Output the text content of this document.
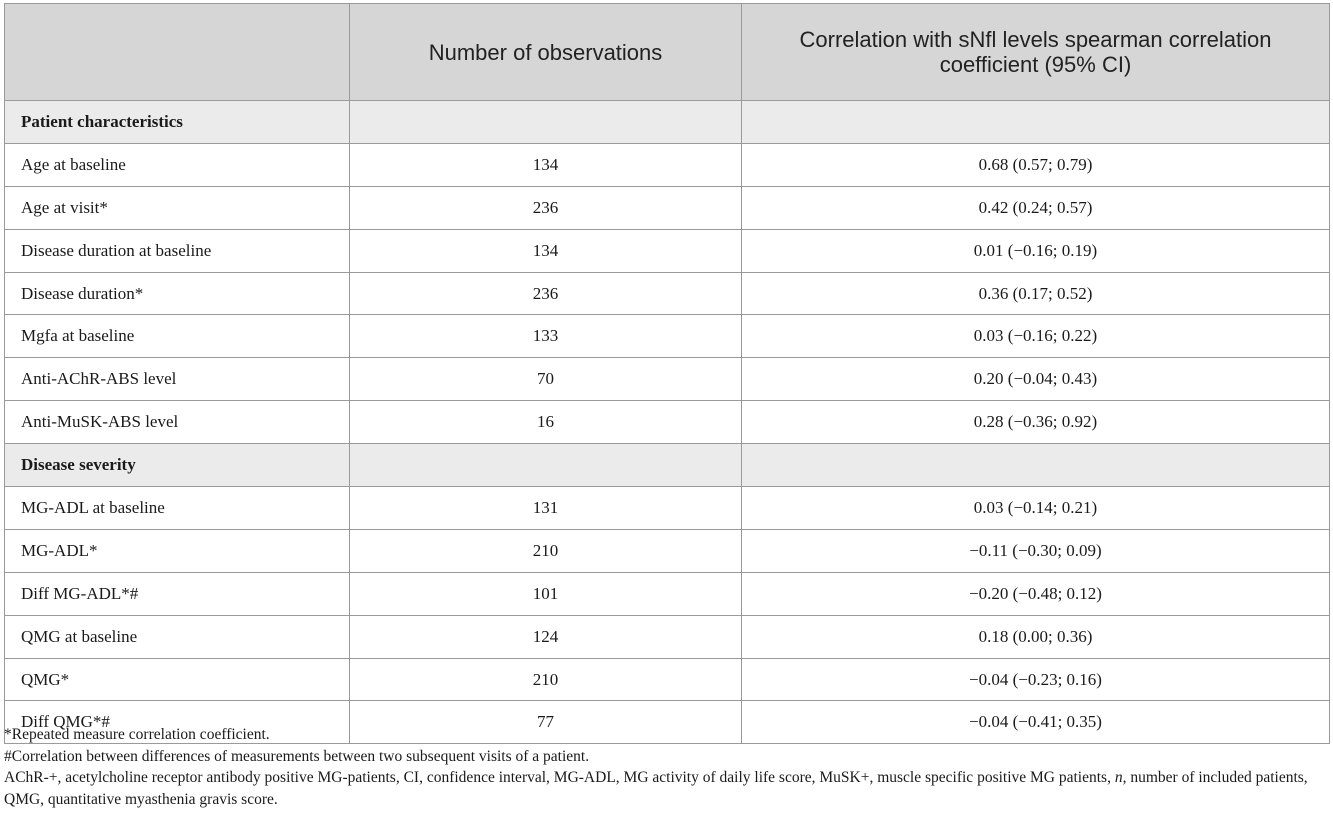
	Number of observations	Correlation with sNfl levels spearman correlation coefficient (95% CI)
Patient characteristics		
Age at baseline	134	0.68 (0.57; 0.79)
Age at visit*	236	0.42 (0.24; 0.57)
Disease duration at baseline	134	0.01 (−0.16; 0.19)
Disease duration*	236	0.36 (0.17; 0.52)
Mgfa at baseline	133	0.03 (−0.16; 0.22)
Anti-AChR-ABS level	70	0.20 (−0.04; 0.43)
Anti-MuSK-ABS level	16	0.28 (−0.36; 0.92)
Disease severity		
MG-ADL at baseline	131	0.03 (−0.14; 0.21)
MG-ADL*	210	−0.11 (−0.30; 0.09)
Diff MG-ADL*#	101	−0.20 (−0.48; 0.12)
QMG at baseline	124	0.18 (0.00; 0.36)
QMG*	210	−0.04 (−0.23; 0.16)
Diff QMG*#	77	−0.04 (−0.41; 0.35)

*Repeated measure correlation coefficient.

#Correlation between differences of measurements between two subsequent visits of a patient.

AChR-+, acetylcholine receptor antibody positive MG-patients, CI, confidence interval, MG-ADL, MG activity of daily life score, MuSK+, muscle specific positive MG patients, n, number of included patients, QMG, quantitative myasthenia gravis score.
